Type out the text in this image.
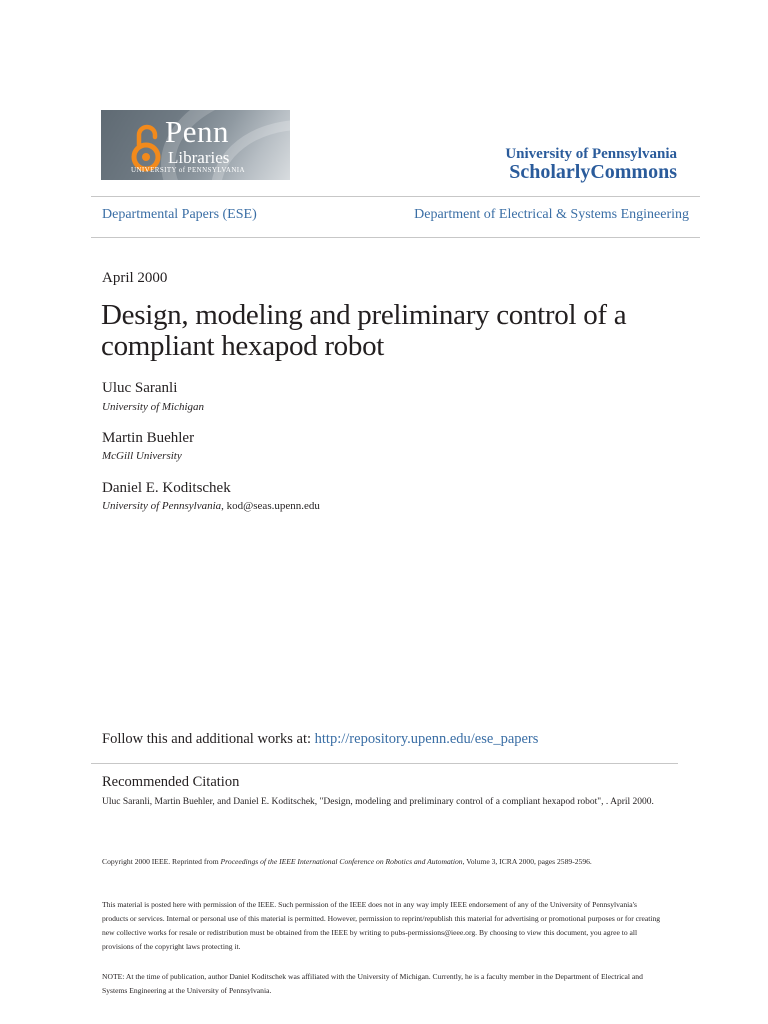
Penn
Libraries
UNIVERSITY of PENNSYLVANIA
University of Pennsylvania
ScholarlyCommons
Departmental Papers (ESE)	Department of Electrical & Systems Engineering
April 2000
Design, modeling and preliminary control of a compliant hexapod robot
Uluc Saranli
University of Michigan
Martin Buehler
McGill University
Daniel E. Koditschek
University of Pennsylvania, kod@seas.upenn.edu
Follow this and additional works at: http://repository.upenn.edu/ese_papers
Recommended Citation
Uluc Saranli, Martin Buehler, and Daniel E. Koditschek, "Design, modeling and preliminary control of a compliant hexapod robot", . April 2000.
Copyright 2000 IEEE. Reprinted from Proceedings of the IEEE International Conference on Robotics and Automation, Volume 3, ICRA 2000, pages 2589-2596.
This material is posted here with permission of the IEEE. Such permission of the IEEE does not in any way imply IEEE endorsement of any of the University of Pennsylvania's products or services. Internal or personal use of this material is permitted. However, permission to reprint/republish this material for advertising or promotional purposes or for creating new collective works for resale or redistribution must be obtained from the IEEE by writing to pubs-permissions@ieee.org. By choosing to view this document, you agree to all provisions of the copyright laws protecting it.
NOTE: At the time of publication, author Daniel Koditschek was affiliated with the University of Michigan. Currently, he is a faculty member in the Department of Electrical and Systems Engineering at the University of Pennsylvania.
